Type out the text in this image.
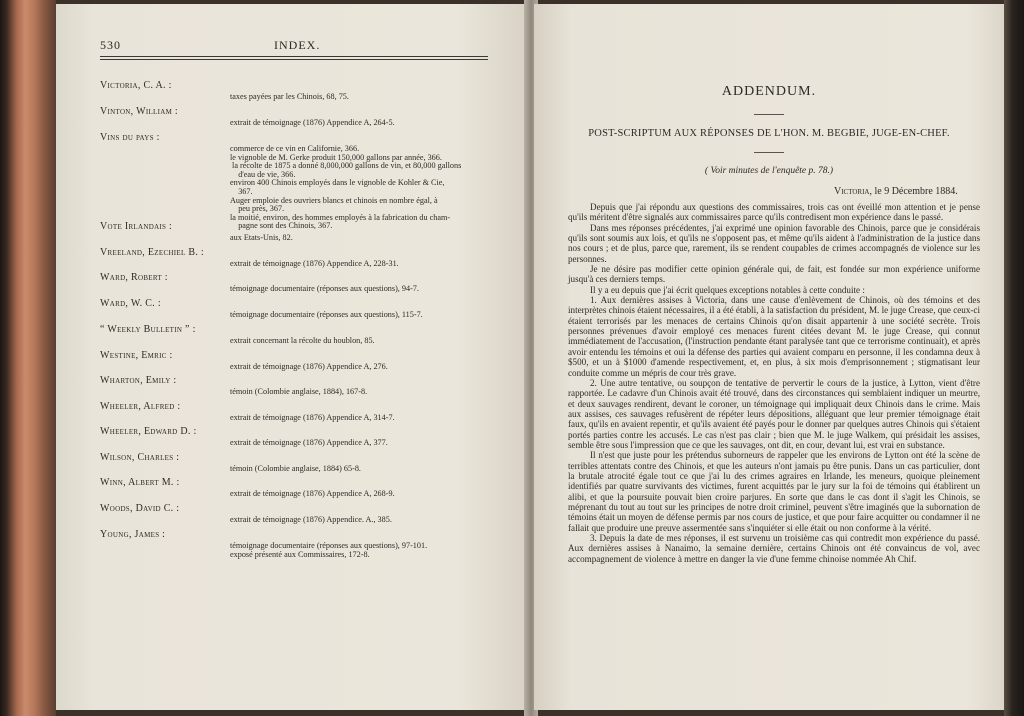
530	INDEX.
Victoria, C. A. :
taxes payées par les Chinois, 68, 75.
Vinton, William :
extrait de témoignage (1876) Appendice A, 264-5.
Vins du pays :
commerce de ce vin en Californie, 366.
le vignoble de M. Gerke produit 150,000 gallons par année, 366.
la récolte de 1875 a donné 8,000,000 gallons de vin, et 80,000 gallons
d'eau de vie, 366.
environ 400 Chinois employés dans le vignoble de Kohler & Cie,
367.
Auger emploie des ouvriers blancs et chinois en nombre égal, à
peu près, 367.
la moitié, environ, des hommes employés à la fabrication du cham-
pagne sont des Chinois, 367.
Vote Irlandais :
aux Etats-Unis, 82.
Vreeland, Ezechiel B. :
extrait de témoignage (1876) Appendice A, 228-31.
Ward, Robert :
témoignage documentaire (réponses aux questions), 94-7.
Ward, W. C. :
témoignage documentaire (réponses aux questions), 115-7.
“ Weekly Bulletin ” :
extrait concernant la récolte du houblon, 85.
Westine, Emric :
extrait de témoignage (1876) Appendice A, 276.
Wharton, Emily :
témoin (Colombie anglaise, 1884), 167-8.
Wheeler, Alfred :
extrait de témoignage (1876) Appendice A, 314-7.
Wheeler, Edward D. :
extrait de témoignage (1876) Appendice A, 377.
Wilson, Charles :
témoin (Colombie anglaise, 1884) 65-8.
Winn, Albert M. :
extrait de témoignage (1876) Appendice A, 268-9.
Woods, David C. :
extrait de témoignage (1876) Appendice. A., 385.
Young, James :
témoignage documentaire (réponses aux questions), 97-101.
exposé présenté aux Commissaires, 172-8.
ADDENDUM.
POST-SCRIPTUM AUX RÉPONSES DE L'HON. M. BEGBIE, JUGE-EN-CHEF.
( Voir minutes de l'enquête p. 78.)
Victoria, le 9 Décembre 1884.

Depuis que j'ai répondu aux questions des commissaires, trois cas ont éveillé mon attention et je pense qu'ils méritent d'être signalés aux commissaires parce qu'ils contredisent mon expérience dans le passé.

Dans mes réponses précédentes, j'ai exprimé une opinion favorable des Chinois, parce que je considérais qu'ils sont soumis aux lois, et qu'ils ne s'opposent pas, et même qu'ils aident à l'administration de la justice dans nos cours ; et de plus, parce que, rarement, ils se rendent coupables de crimes accompagnés de violence sur les personnes.

Je ne désire pas modifier cette opinion générale qui, de fait, est fondée sur mon expérience uniforme jusqu'à ces derniers temps.

Il y a eu depuis que j'ai écrit quelques exceptions notables à cette conduite :

1. Aux dernières assises à Victoria, dans une cause d'enlèvement de Chinois, où des témoins et des interprètes chinois étaient nécessaires, il a été établi, à la satisfaction du président, M. le juge Crease, que ceux-ci étaient terrorisés par les menaces de certains Chinois qu'on disait appartenir à une société secrète. Trois personnes prévenues d'avoir employé ces menaces furent citées devant M. le juge Crease, qui connut immédiatement de l'accusation, (l'instruction pendante étant paralysée tant que ce terrorisme continuait), et après avoir entendu les témoins et oui la défense des parties qui avaient comparu en personne, il les condamna deux à $500, et un à $1000 d'amende respectivement, et, en plus, à six mois d'emprisonnement ; stigmatisant leur conduite comme un mépris de cour très grave.

2. Une autre tentative, ou soupçon de tentative de pervertir le cours de la justice, à Lytton, vient d'être rapportée. Le cadavre d'un Chinois avait été trouvé, dans des circonstances qui semblaient indiquer un meurtre, et deux sauvages rendirent, devant le coroner, un témoignage qui impliquait deux Chinois dans le crime. Mais aux assises, ces sauvages refusèrent de répéter leurs dépositions, alléguant que leur premier témoignage était faux, qu'ils en avaient repentir, et qu'ils avaient été payés pour le donner par quelques autres Chinois qui s'étaient portés parties contre les accusés. Le cas n'est pas clair ; bien que M. le juge Walkem, qui présidait les assises, semble être sous l'impression que ce que les sauvages, ont dit, en cour, devant lui, est vrai en substance.

Il n'est que juste pour les prétendus suborneurs de rappeler que les environs de Lytton ont été la scène de terribles attentats contre des Chinois, et que les auteurs n'ont jamais pu être punis. Dans un cas particulier, dont la brutale atrocité égale tout ce que j'ai lu des crimes agraires en Irlande, les meneurs, quoique pleinement identifiés par quatre survivants des victimes, furent acquittés par le jury sur la foi de témoins qui établirent un alibi, et que la poursuite pouvait bien croire parjures. En sorte que dans le cas dont il s'agit les Chinois, se méprenant du tout au tout sur les principes de notre droit criminel, peuvent s'être imaginés que la subornation de témoins était un moyen de défense permis par nos cours de justice, et que pour faire acquitter ou condamner il ne fallait que produire une preuve assermentée sans s'inquiéter si elle était ou non conforme à la vérité.

3. Depuis la date de mes réponses, il est survenu un troisième cas qui contredit mon expérience du passé. Aux dernières assises à Nanaimo, la semaine dernière, certains Chinois ont été convaincus de vol, avec accompagnement de violence à mettre en danger la vie d'une femme chinoise nommée Ah Chif.
